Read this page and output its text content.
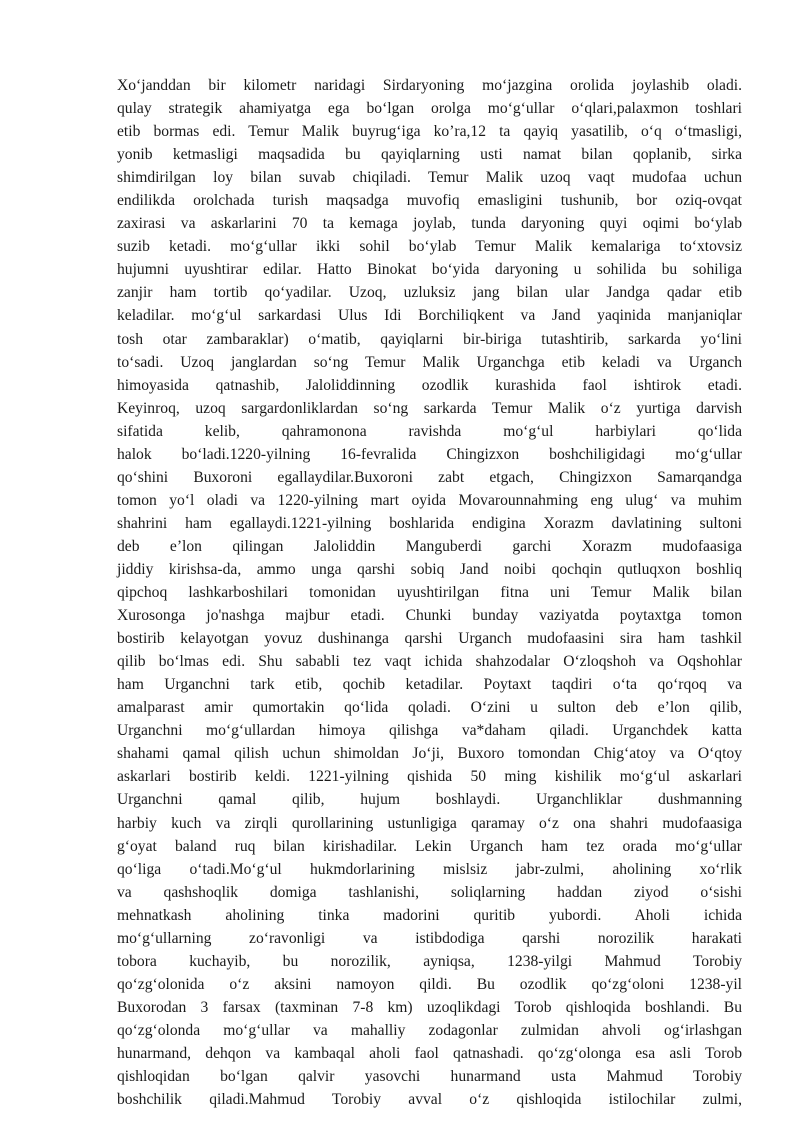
Xo‘janddan bir kilometr naridagi Sirdaryoning mo‘jazgina orolida joylashib oladi.
qulay strategik ahamiyatga ega bo‘lgan orolga mo‘g‘ullar o‘qlari,palaxmon toshlari
etib bormas edi. Temur Malik buyrug‘iga ko’ra,12 ta qayiq yasatilib, o‘q o‘tmasligi,
yonib ketmasligi maqsadida bu qayiqlarning usti namat bilan qoplanib, sirka
shimdirilgan loy bilan suvab chiqiladi. Temur Malik uzoq vaqt mudofaa uchun
endilikda orolchada turish maqsadga muvofiq emasligini tushunib, bor oziq-ovqat
zaxirasi va askarlarini 70 ta kemaga joylab, tunda daryoning quyi oqimi bo‘ylab
suzib ketadi. mo‘g‘ullar ikki sohil bo‘ylab Temur Malik kemalariga to‘xtovsiz
hujumni uyushtirar edilar. Hatto Binokat bo‘yida daryoning u sohilida bu sohiliga
zanjir ham tortib qo‘yadilar. Uzoq, uzluksiz jang bilan ular Jandga qadar etib
keladilar. mo‘g‘ul sarkardasi Ulus Idi Borchiliqkent va Jand yaqinida manjaniqlar
tosh otar zambaraklar) o‘matib, qayiqlarni bir-biriga tutashtirib, sarkarda yo‘lini
to‘sadi. Uzoq janglardan so‘ng Temur Malik Urganchga etib keladi va Urganch
himoyasida qatnashib, Jaloliddinning ozodlik kurashida faol ishtirok etadi.
Keyinroq, uzoq sargardonliklardan so‘ng sarkarda Temur Malik o‘z yurtiga darvish
sifatida kelib, qahramonona ravishda mo‘g‘ul harbiylari qo‘lida
halok bo‘ladi.1220-yilning 16-fevralida Chingizxon boshchiligidagi mo‘g‘ullar
qo‘shini Buxoroni egallaydilar.Buxoroni zabt etgach, Chingizxon Samarqandga
tomon yo‘l oladi va 1220-yilning mart oyida Movarounnahming eng ulug‘ va muhim
shahrini ham egallaydi.1221-yilning boshlarida endigina Xorazm davlatining sultoni
deb e’lon qilingan Jaloliddin Manguberdi garchi Xorazm mudofaasiga
jiddiy kirishsa-da, ammo unga qarshi sobiq Jand noibi qochqin qutluqxon boshliq
qipchoq lashkarboshilari tomonidan uyushtirilgan fitna uni Temur Malik bilan
Xurosonga jo'nashga majbur etadi. Chunki bunday vaziyatda poytaxtga tomon
bostirib kelayotgan yovuz dushinanga qarshi Urganch mudofaasini sira ham tashkil
qilib bo‘lmas edi. Shu sababli tez vaqt ichida shahzodalar O‘zloqshoh va Oqshohlar
ham Urganchni tark etib, qochib ketadilar. Poytaxt taqdiri o‘ta qo‘rqoq va
amalparast amir qumortakin qo‘lida qoladi. O‘zini u sulton deb e’lon qilib,
Urganchni mo‘g‘ullardan himoya qilishga va*daham qiladi. Urganchdek katta
shahami qamal qilish uchun shimoldan Jo‘ji, Buxoro tomondan Chig‘atoy va O‘qtoy
askarlari bostirib keldi. 1221-yilning qishida 50 ming kishilik mo‘g‘ul askarlari
Urganchni qamal qilib, hujum boshlaydi. Urganchliklar dushmanning
harbiy kuch va zirqli qurollarining ustunligiga qaramay o‘z ona shahri mudofaasiga
g‘oyat baland ruq bilan kirishadilar. Lekin Urganch ham tez orada mo‘g‘ullar
qo‘liga o‘tadi.Mo‘g‘ul hukmdorlarining mislsiz jabr-zulmi, aholining xo‘rlik
va qashshoqlik domiga tashlanishi, soliqlarning haddan ziyod o‘sishi
mehnatkash aholining tinka madorini quritib yubordi. Aholi ichida
mo‘g‘ullarning zo‘ravonligi va istibdodiga qarshi norozilik harakati
tobora kuchayib, bu norozilik, ayniqsa, 1238-yilgi Mahmud Torobiy
qo‘zg‘olonida o‘z aksini namoyon qildi. Bu ozodlik qo‘zg‘oloni 1238-yil
Buxorodan 3 farsax (taxminan 7-8 km) uzoqlikdagi Torob qishloqida boshlandi. Bu
qo‘zg‘olonda mo‘g‘ullar va mahalliy zodagonlar zulmidan ahvoli og‘irlashgan
hunarmand, dehqon va kambaqal aholi faol qatnashadi. qo‘zg‘olonga esa asli Torob
qishloqidan bo‘lgan qalvir yasovchi hunarmand usta Mahmud Torobiy
boshchilik qiladi.Mahmud Torobiy avval o‘z qishloqida istilochilar zulmi,
